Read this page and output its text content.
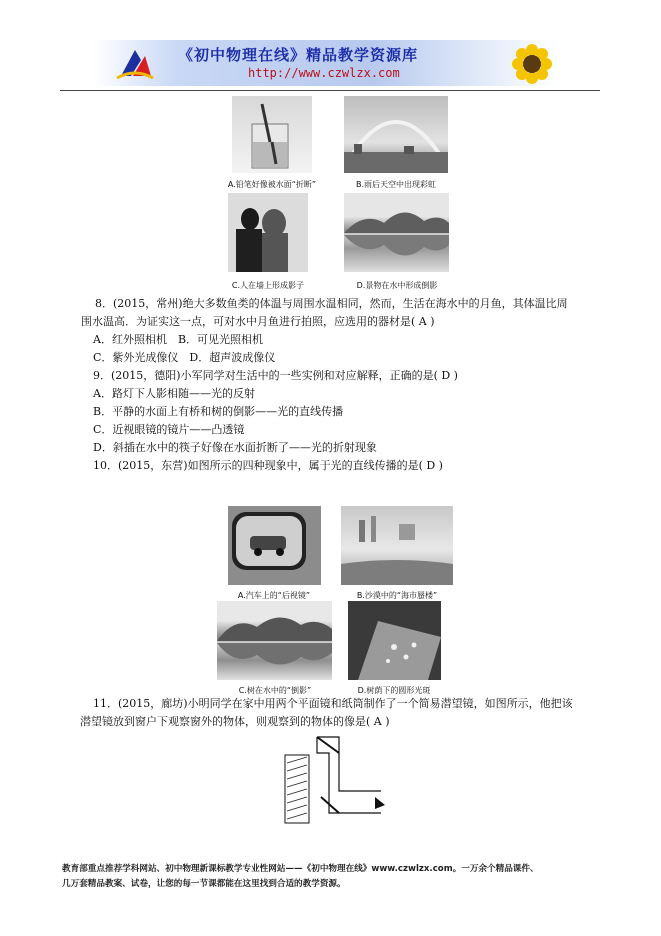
《初中物理在线》精品教学资源库
http://www.czwlzx.com
A.铅笔好像被水面“折断”	B.雨后天空中出现彩虹
C.人在墙上形成影子	D.景物在水中形成倒影
8．(2015，常州)绝大多数鱼类的体温与周围水温相同，然而，生活在海水中的月鱼，其体温比周
围水温高．为证实这一点，可对水中月鱼进行拍照，应选用的器材是( A )
A．红外照相机　B．可见光照相机
C．紫外光成像仪　D．超声波成像仪
9．(2015，德阳)小军同学对生活中的一些实例和对应解释，正确的是( D )
A．路灯下人影相随——光的反射
B．平静的水面上有桥和树的倒影——光的直线传播
C．近视眼镜的镜片——凸透镜
D．斜插在水中的筷子好像在水面折断了——光的折射现象
10．(2015，东营)如图所示的四种现象中，属于光的直线传播的是( D )
A.汽车上的“后视镜”	B.沙漠中的“海市蜃楼”
C.树在水中的“倒影”	D.树荫下的圆形光斑
11．(2015，廊坊)小明同学在家中用两个平面镜和纸筒制作了一个简易潜望镜，如图所示，他把该
潜望镜放到窗户下观察窗外的物体，则观察到的物体的像是( A )
教育部重点推荐学科网站、初中物理新课标教学专业性网站——《初中物理在线》www.czwlzx.com。一万余个精品课件、
几万套精品教案、试卷，让您的每一节课都能在这里找到合适的教学资源。
